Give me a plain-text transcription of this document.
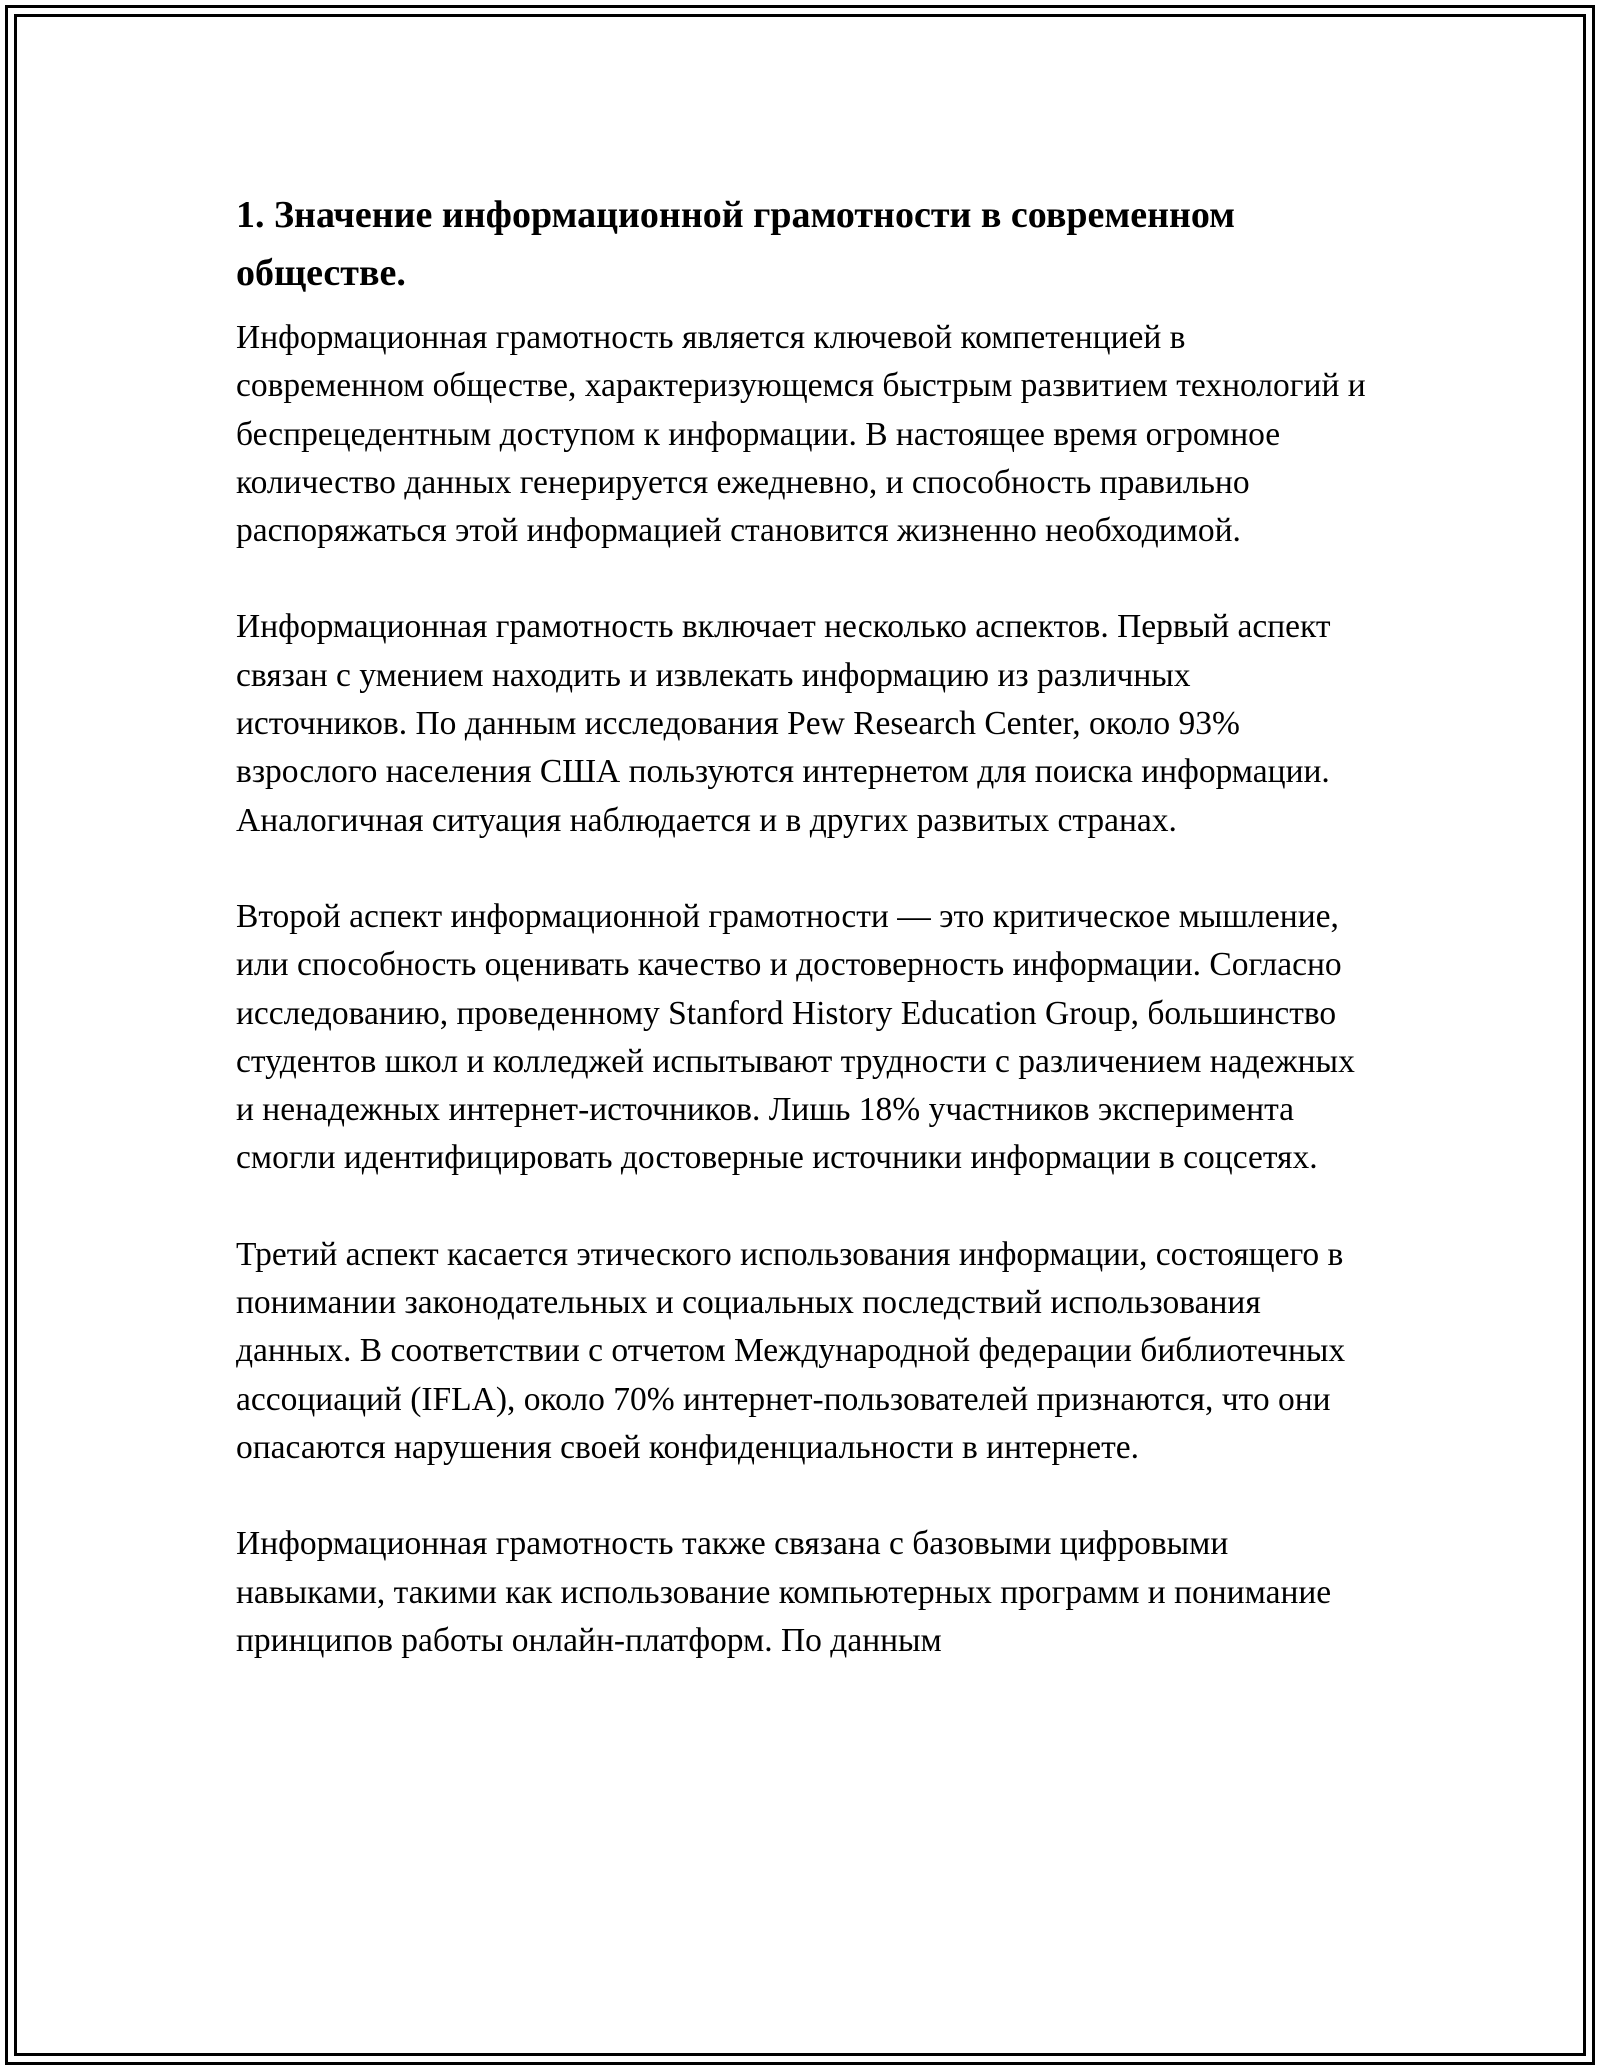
1. Значение информационной грамотности в современном обществе.

Информационная грамотность является ключевой компетенцией в современном обществе, характеризующемся быстрым развитием технологий и беспрецедентным доступом к информации. В настоящее время огромное количество данных генерируется ежедневно, и способность правильно распоряжаться этой информацией становится жизненно необходимой.

Информационная грамотность включает несколько аспектов. Первый аспект связан с умением находить и извлекать информацию из различных источников. По данным исследования Pew Research Center, около 93% взрослого населения США пользуются интернетом для поиска информации. Аналогичная ситуация наблюдается и в других развитых странах.

Второй аспект информационной грамотности — это критическое мышление, или способность оценивать качество и достоверность информации. Согласно исследованию, проведенному Stanford History Education Group, большинство студентов школ и колледжей испытывают трудности с различением надежных и ненадежных интернет-источников. Лишь 18% участников эксперимента смогли идентифицировать достоверные источники информации в соцсетях.

Третий аспект касается этического использования информации, состоящего в понимании законодательных и социальных последствий использования данных. В соответствии с отчетом Международной федерации библиотечных ассоциаций (IFLA), около 70% интернет-пользователей признаются, что они опасаются нарушения своей конфиденциальности в интернете.

Информационная грамотность также связана с базовыми цифровыми навыками, такими как использование компьютерных программ и понимание принципов работы онлайн-платформ. По данным
